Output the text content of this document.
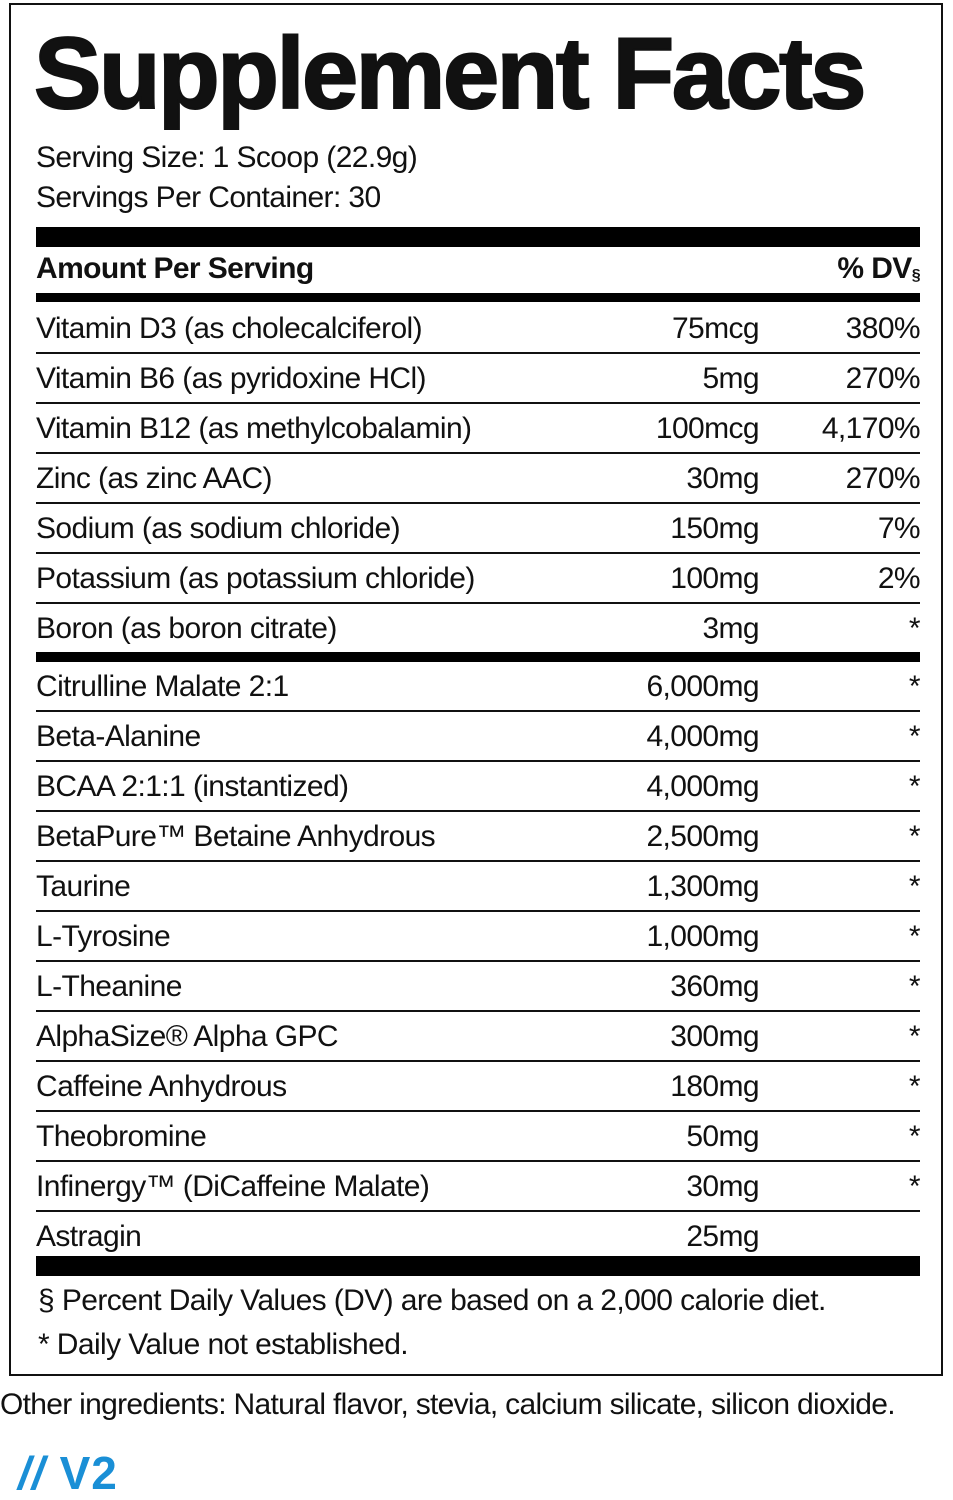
Supplement Facts
Serving Size: 1 Scoop (22.9g)
Servings Per Container: 30
Amount Per Serving	% $DV_\S$
Vitamin D3 (as cholecalciferol)	75mcg	380%
Vitamin B6 (as pyridoxine HCl)	5mg	270%
Vitamin B12 (as methylcobalamin)	100mcg 4,170%
Zinc (as zinc AAC)	30mg	270%
Sodium (as sodium chloride)	150mg	7%
Potassium (as potassium chloride)	100mg	2%
Boron (as boron citrate)	3mg	*
Citrulline Malate 2:1	6,000mg	*
Beta-Alanine	4,000mg	*
BCAA 2:1:1 (instantized)	4,000mg	*
BetaPure™ Betaine Anhydrous	2,500mg	*
Taurine	1,300mg	*
L-Tyrosine	1,000mg	*
L-Theanine	360mg	*
AlphaSize® Alpha GPC	300mg	*
Caffeine Anhydrous	180mg	*
Theobromine	50mg	*
Infinergy™ (DiCaffeine Malate)	30mg	*
Astragin	25mg
§ Percent Daily Values (DV) are based on a 2,000 calorie diet.
* Daily Value not established.
Other ingredients: Natural flavor, stevia, calcium silicate, silicon dioxide.
// V2
